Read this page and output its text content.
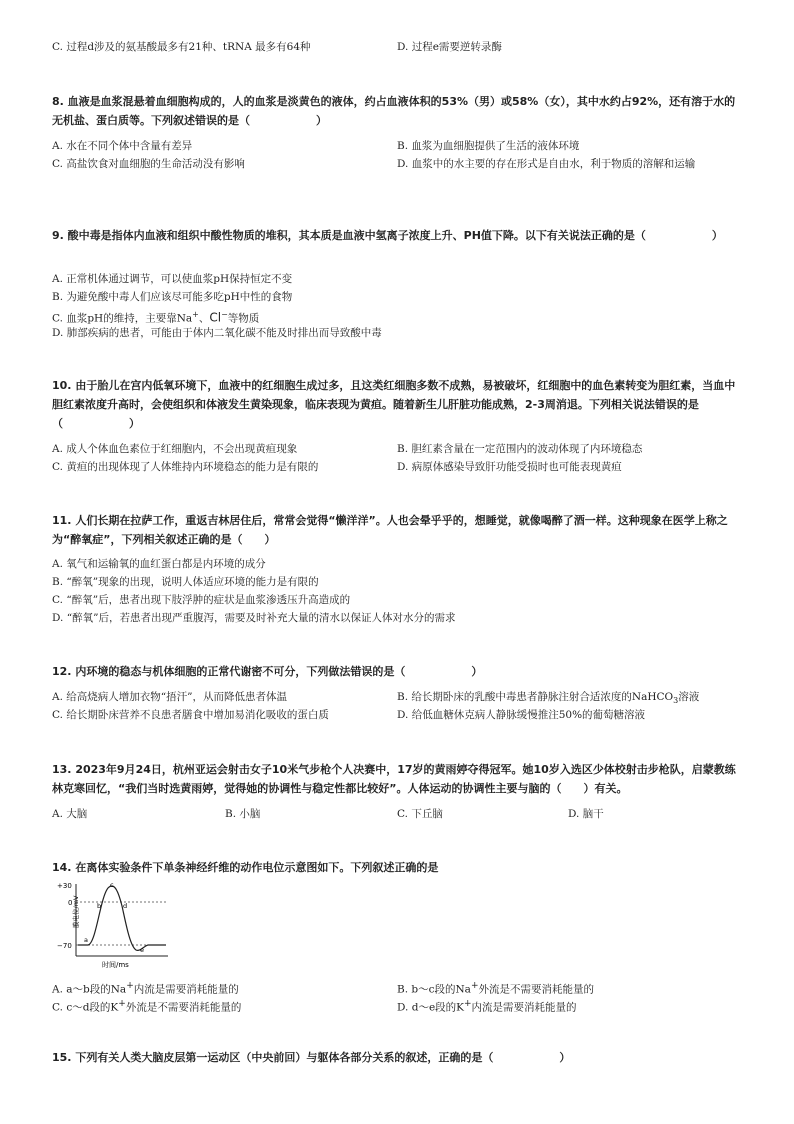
C. 过程d涉及的氨基酸最多有21种、tRNA 最多有64种	D. 过程e需要逆转录酶
8. 血液是血浆混悬着血细胞构成的，人的血浆是淡黄色的液体，约占血液体积的53%（男）或58%（女），其中水约占92%，还有溶于水的无机盐、蛋白质等。下列叙述错误的是（　　　　　　）
A. 水在不同个体中含量有差异	B. 血浆为血细胞提供了生活的液体环境
C. 高盐饮食对血细胞的生命活动没有影响	D. 血浆中的水主要的存在形式是自由水，利于物质的溶解和运输
9. 酸中毒是指体内血液和组织中酸性物质的堆积，其本质是血液中氢离子浓度上升、PH值下降。以下有关说法正确的是（　　　　　　）
A. 正常机体通过调节，可以使血浆pH保持恒定不变
B. 为避免酸中毒人们应该尽可能多吃pH中性的食物
C. 血浆pH的维持，主要靠Na+、Cl−等物质
D. 肺部疾病的患者，可能由于体内二氧化碳不能及时排出而导致酸中毒
10. 由于胎儿在宫内低氧环境下，血液中的红细胞生成过多，且这类红细胞多数不成熟，易被破坏，红细胞中的血色素转变为胆红素，当血中胆红素浓度升高时，会使组织和体液发生黄染现象，临床表现为黄疸。随着新生儿肝脏功能成熟，2-3周消退。下列相关说法错误的是（　　　　　　）
A. 成人个体血色素位于红细胞内，不会出现黄疸现象	B. 胆红素含量在一定范围内的波动体现了内环境稳态
C. 黄疸的出现体现了人体维持内环境稳态的能力是有限的	D. 病原体感染导致肝功能受损时也可能表现黄疸
11. 人们长期在拉萨工作，重返吉林居住后，常常会觉得“懒洋洋”。人也会晕乎乎的，想睡觉，就像喝醉了酒一样。这种现象在医学上称之为“醉氧症”，下列相关叙述正确的是（　　）
A. 氧气和运输氧的血红蛋白都是内环境的成分
B. “醉氧”现象的出现，说明人体适应环境的能力是有限的
C. “醉氧”后，患者出现下肢浮肿的症状是血浆渗透压升高造成的
D. “醉氧”后，若患者出现严重腹泻，需要及时补充大量的清水以保证人体对水分的需求
12. 内环境的稳态与机体细胞的正常代谢密不可分，下列做法错误的是（　　　　　　）
A. 给高烧病人增加衣物“捂汗”，从而降低患者体温	B. 给长期卧床的乳酸中毒患者静脉注射合适浓度的NaHCO$_3$溶液
C. 给长期卧床营养不良患者膳食中增加易消化吸收的蛋白质	D. 给低血糖休克病人静脉缓慢推注50%的葡萄糖溶液
13. 2023年9月24日，杭州亚运会射击女子10米气步枪个人决赛中，17岁的黄雨婷夺得冠军。她10岁入选区少体校射击步枪队，启蒙教练林克寒回忆，“我们当时选黄雨婷，觉得她的协调性与稳定性都比较好”。人体运动的协调性主要与脑的（　　）有关。
A. 大脑	B. 小脑	C. 下丘脑	D. 脑干
14. 在离体实验条件下单条神经纤维的动作电位示意图如下。下列叙述正确的是
+30
0
−70
a
b
c
d
e
膜电位/mV
时间/ms
A. a～b段的Na+内流是需要消耗能量的	B. b～c段的Na+外流是不需要消耗能量的
C. c～d段的K+外流是不需要消耗能量的	D. d～e段的K+内流是需要消耗能量的
15. 下列有关人类大脑皮层第一运动区（中央前回）与躯体各部分关系的叙述，正确的是（　　　　　　）
